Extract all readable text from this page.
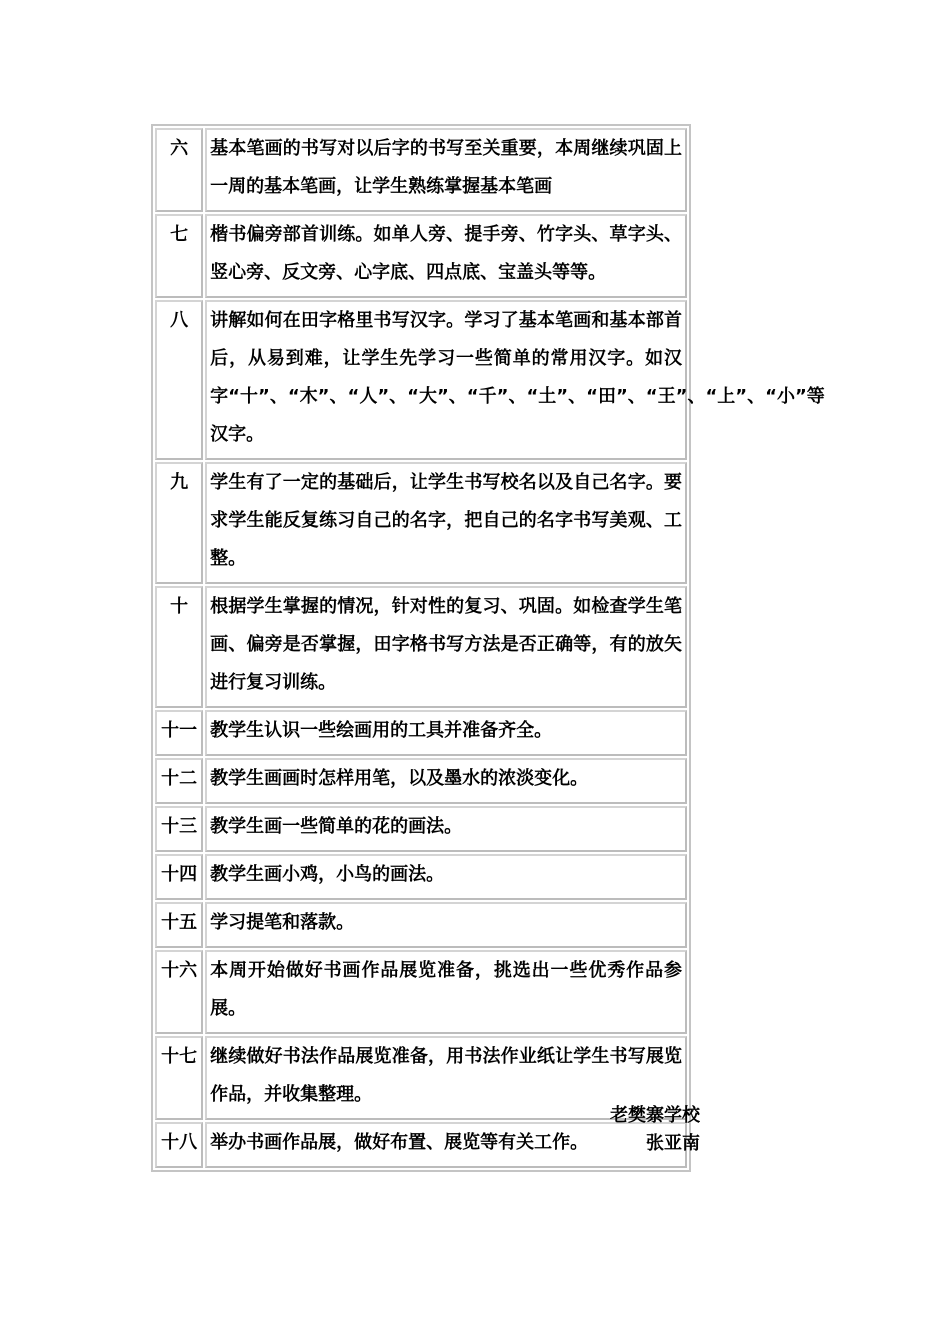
六	基本笔画的书写对以后字的书写至关重要，本周继续巩固上一周的基本笔画，让学生熟练掌握基本笔画
七	楷书偏旁部首训练。如单人旁、提手旁、竹字头、草字头、竖心旁、反文旁、心字底、四点底、宝盖头等等。
八	讲解如何在田字格里书写汉字。学习了基本笔画和基本部首后，从易到难，让学生先学习一些简单的常用汉字。如汉字“十”、“木”、“人”、“大”、“千”、“土”、“田”、“王”、“上”、“小”等汉字。
九	学生有了一定的基础后，让学生书写校名以及自己名字。要求学生能反复练习自己的名字，把自己的名字书写美观、工整。
十	根据学生掌握的情况，针对性的复习、巩固。如检查学生笔画、偏旁是否掌握，田字格书写方法是否正确等，有的放矢进行复习训练。
十一	教学生认识一些绘画用的工具并准备齐全。
十二	教学生画画时怎样用笔，以及墨水的浓淡变化。
十三	教学生画一些简单的花的画法。
十四	教学生画小鸡，小鸟的画法。
十五	学习提笔和落款。
十六	本周开始做好书画作品展览准备，挑选出一些优秀作品参展。
十七	继续做好书法作品展览准备，用书法作业纸让学生书写展览作品，并收集整理。
十八	举办书画作品展，做好布置、展览等有关工作。
老樊寨学校
张亚南
